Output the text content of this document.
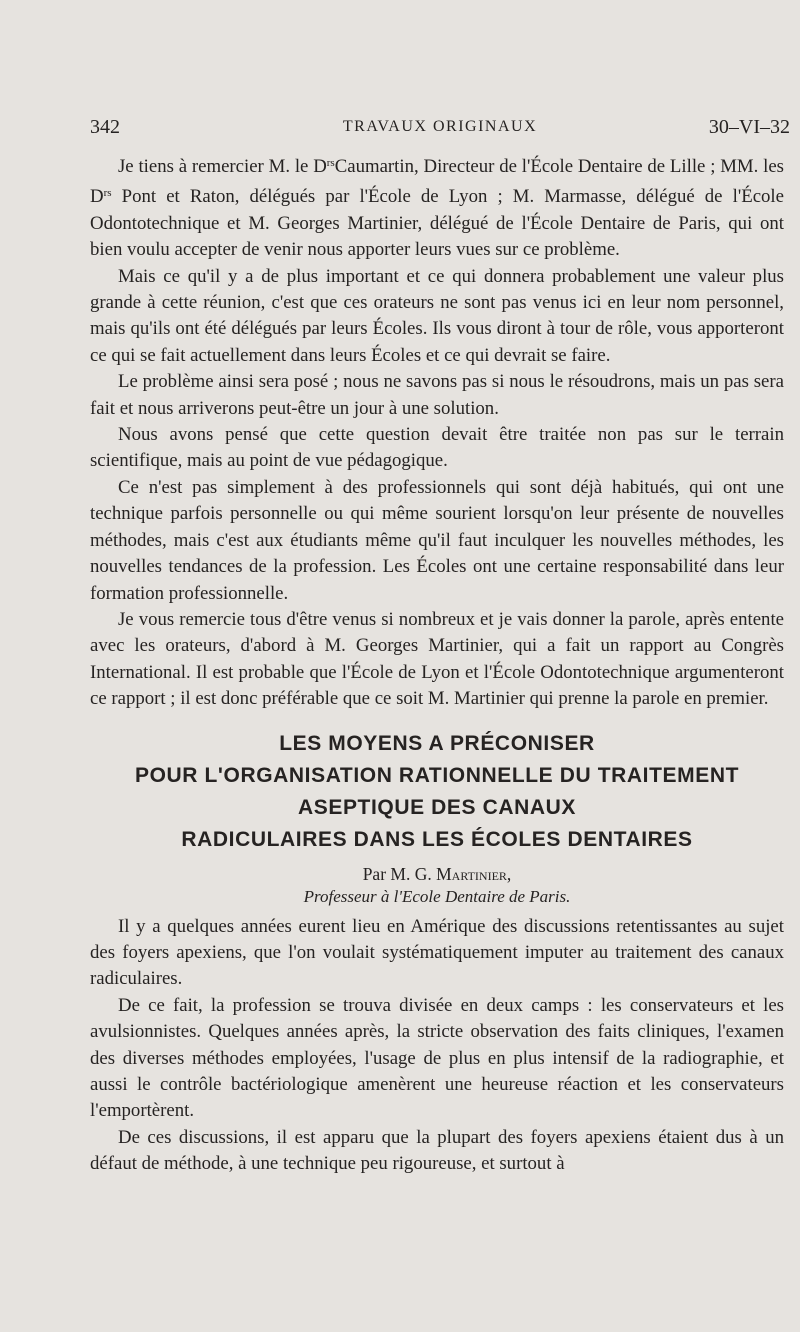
342	TRAVAUX ORIGINAUX	30–VI–32

Je tiens à remercier M. le $D^{rs}Caumartin$, Directeur de l'École Dentaire de Lille ; MM. les $D^{rs}$ Pont et Raton, délégués par l'École de Lyon ; M. Marmasse, délégué de l'École Odontotechnique et M. Georges Martinier, délégué de l'École Dentaire de Paris, qui ont bien voulu accepter de venir nous apporter leurs vues sur ce problème.

Mais ce qu'il y a de plus important et ce qui donnera probablement une valeur plus grande à cette réunion, c'est que ces orateurs ne sont pas venus ici en leur nom personnel, mais qu'ils ont été délégués par leurs Écoles. Ils vous diront à tour de rôle, vous apporteront ce qui se fait actuellement dans leurs Écoles et ce qui devrait se faire.

Le problème ainsi sera posé ; nous ne savons pas si nous le résoudrons, mais un pas sera fait et nous arriverons peut-être un jour à une solution.

Nous avons pensé que cette question devait être traitée non pas sur le terrain scientifique, mais au point de vue pédagogique.

Ce n'est pas simplement à des professionnels qui sont déjà habitués, qui ont une technique parfois personnelle ou qui même sourient lorsqu'on leur présente de nouvelles méthodes, mais c'est aux étudiants même qu'il faut inculquer les nouvelles méthodes, les nouvelles tendances de la profession. Les Écoles ont une certaine responsabilité dans leur formation professionnelle.

Je vous remercie tous d'être venus si nombreux et je vais donner la parole, après entente avec les orateurs, d'abord à M. Georges Martinier, qui a fait un rapport au Congrès International. Il est probable que l'École de Lyon et l'École Odontotechnique argumenteront ce rapport ; il est donc préférable que ce soit M. Martinier qui prenne la parole en premier.

LES MOYENS A PRÉCONISER
POUR L'ORGANISATION RATIONNELLE DU TRAITEMENT
ASEPTIQUE DES CANAUX
RADICULAIRES DANS LES ÉCOLES DENTAIRES
Par M. G. Martinier,
Professeur à l'Ecole Dentaire de Paris.

Il y a quelques années eurent lieu en Amérique des discussions retentissantes au sujet des foyers apexiens, que l'on voulait systématiquement imputer au traitement des canaux radiculaires.

De ce fait, la profession se trouva divisée en deux camps : les conservateurs et les avulsionnistes. Quelques années après, la stricte observation des faits cliniques, l'examen des diverses méthodes employées, l'usage de plus en plus intensif de la radiographie, et aussi le contrôle bactériologique amenèrent une heureuse réaction et les conservateurs l'emportèrent.

De ces discussions, il est apparu que la plupart des foyers apexiens étaient dus à un défaut de méthode, à une technique peu rigoureuse, et surtout à
